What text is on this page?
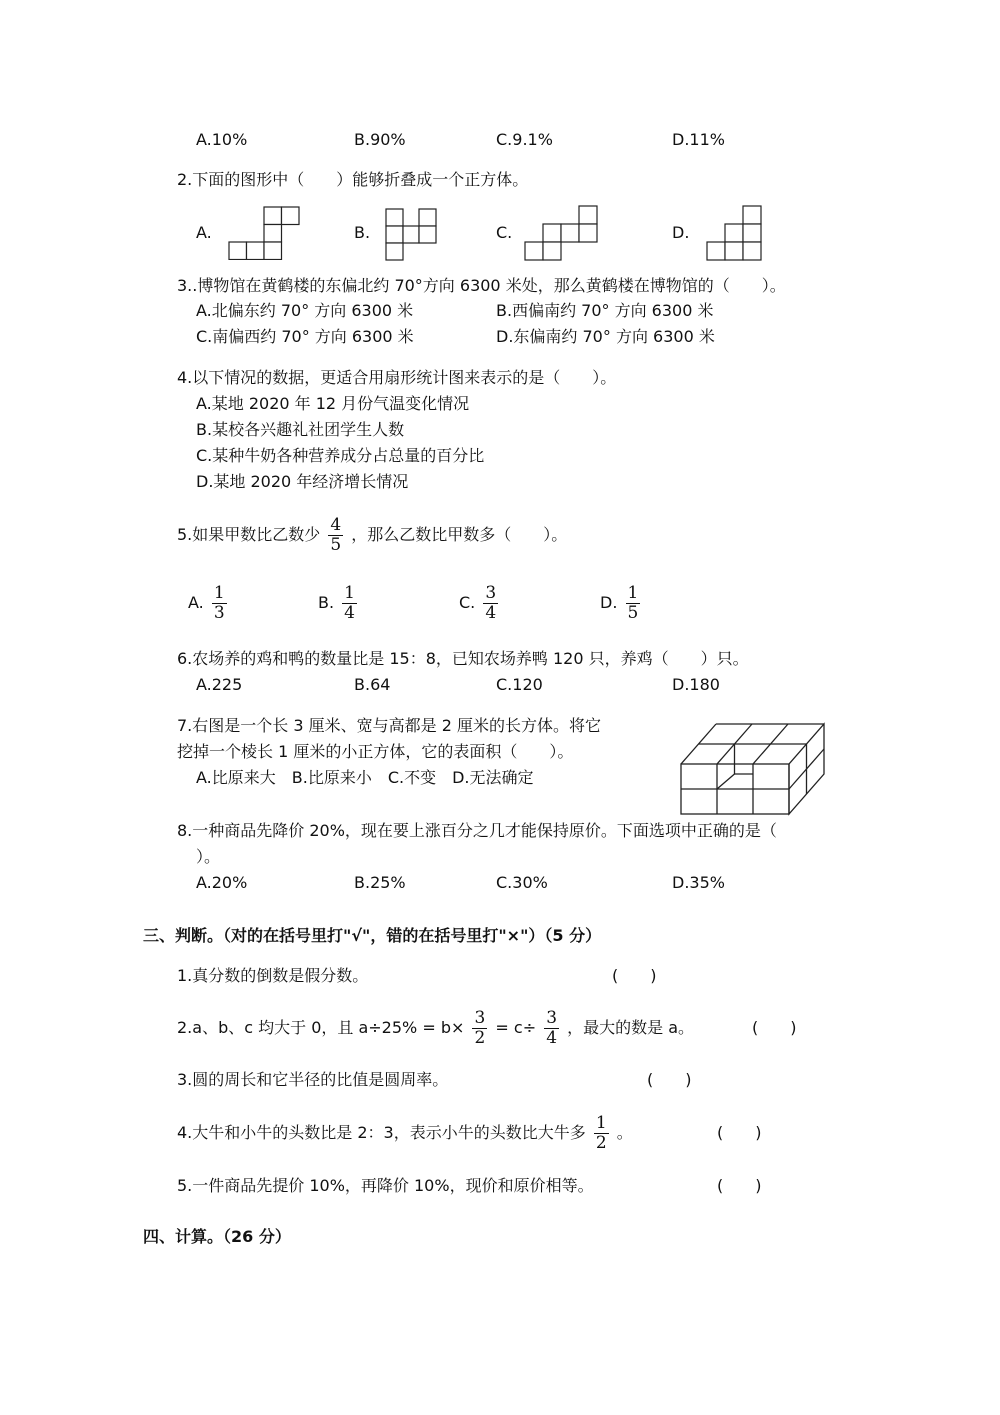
A.10%	B.90%	C.9.1%	D.11%
2.下面的图形中（　　）能够折叠成一个正方体。
A.	B.	C.	D.
3..博物馆在黄鹤楼的东偏北约 70°方向 6300 米处，那么黄鹤楼在博物馆的（　　）。
A.北偏东约 70° 方向 6300 米	B.西偏南约 70° 方向 6300 米
C.南偏西约 70° 方向 6300 米	D.东偏南约 70° 方向 6300 米
4.以下情况的数据，更适合用扇形统计图来表示的是（　　）。
A.某地 2020 年 12 月份气温变化情况
B.某校各兴趣礼社团学生人数
C.某种牛奶各种营养成分占总量的百分比
D.某地 2020 年经济增长情况
5.如果甲数比乙数少 $\frac{4}{5}$ ，那么乙数比甲数多（　　）。
A. $\frac{1}{3}$	B. $\frac{1}{4}$	C. $\frac{3}{4}$	D. $\frac{1}{5}$
6.农场养的鸡和鸭的数量比是 15：8，已知农场养鸭 120 只，养鸡（　　）只。
A.225	B.64	C.120	D.180
7.右图是一个长 3 厘米、宽与高都是 2 厘米的长方体。将它
挖掉一个棱长 1 厘米的小正方体，它的表面积（　　）。
A.比原来大　B.比原来小　C.不变　D.无法确定
8.一种商品先降价 20%，现在要上涨百分之几才能保持原价。下面选项中正确的是（
）。
A.20%	B.25%	C.30%	D.35%
三、判断。（对的在括号里打"√"，错的在括号里打"×"）（5 分）
1.真分数的倒数是假分数。	(　　)
2.a、b、c 均大于 0，且 $a\div 25\% = b\times \frac{3}{2} = c\div \frac{3}{4}$ ，最大的数是 a。	(　　)
3.圆的周长和它半径的比值是圆周率。	(　　)
4.大牛和小牛的头数比是 2：3，表示小牛的头数比大牛多 $\frac{1}{2}$ 。	(　　)
5.一件商品先提价 10%，再降价 10%，现价和原价相等。	(　　)
四、计算。（26 分）
